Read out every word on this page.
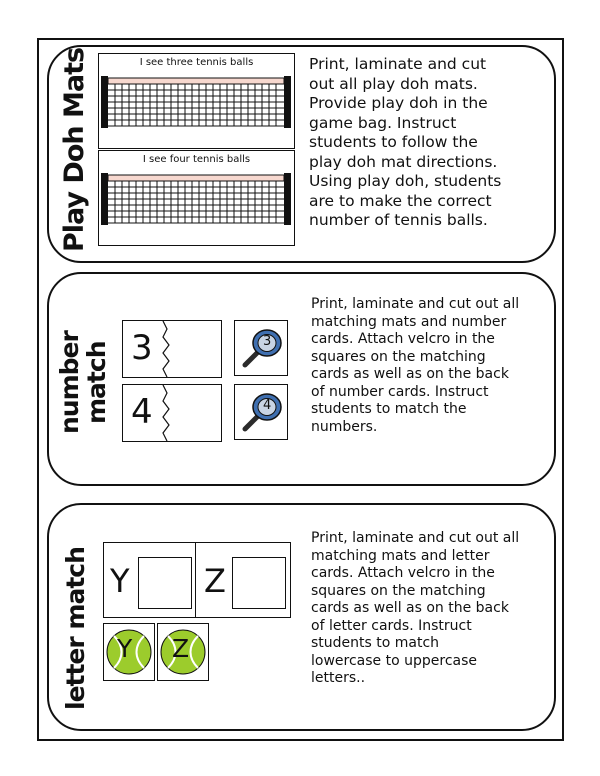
Play Doh Mats	I see three tennis balls
I see four tennis balls
Print, laminate and cut
out all play doh mats.
Provide play doh in the
game bag. Instruct
students to follow the
play doh mat directions.
Using play doh, students
are to make the correct
number of tennis balls.
number
match 3
4
3
4
Print, laminate and cut out all
matching mats and number
cards. Attach velcro in the
squares on the matching
cards as well as on the back
of number cards. Instruct
students to match the
numbers.
letter match Y Z
Y Z
Print, laminate and cut out all
matching mats and letter
cards. Attach velcro in the
squares on the matching
cards as well as on the back
of letter cards. Instruct
students to match
lowercase to uppercase
letters..
